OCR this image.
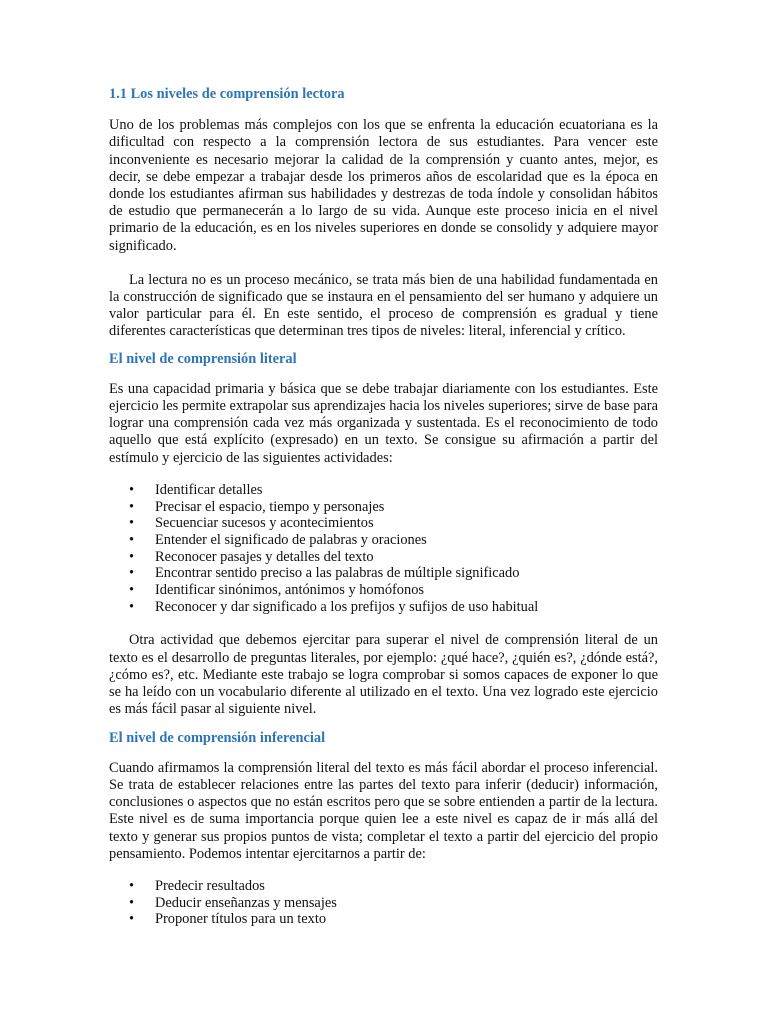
1.1 Los niveles de comprensión lectora

Uno de los problemas más complejos con los que se enfrenta la educación ecuatoriana es la dificultad con respecto a la comprensión lectora de sus estudiantes. Para vencer este inconveniente es necesario mejorar la calidad de la comprensión y cuanto antes, mejor, es decir, se debe empezar a trabajar desde los primeros años de escolaridad que es la época en donde los estudiantes afirman sus habilidades y destrezas de toda índole y consolidan hábitos de estudio que permanecerán a lo largo de su vida. Aunque este proceso inicia en el nivel primario de la educación, es en los niveles superiores en donde se consolidy y adquiere mayor significado.

La lectura no es un proceso mecánico, se trata más bien de una habilidad fundamentada en la construcción de significado que se instaura en el pensamiento del ser humano y adquiere un valor particular para él. En este sentido, el proceso de comprensión es gradual y tiene diferentes características que determinan tres tipos de niveles: literal, inferencial y crítico.

El nivel de comprensión literal

Es una capacidad primaria y básica que se debe trabajar diariamente con los estudiantes. Este ejercicio les permite extrapolar sus aprendizajes hacia los niveles superiores; sirve de base para lograr una comprensión cada vez más organizada y sustentada. Es el reconocimiento de todo aquello que está explícito (expresado) en un texto. Se consigue su afirmación a partir del estímulo y ejercicio de las siguientes actividades:

• Identificar detalles
• Precisar el espacio, tiempo y personajes
• Secuenciar sucesos y acontecimientos
• Entender el significado de palabras y oraciones
• Reconocer pasajes y detalles del texto
• Encontrar sentido preciso a las palabras de múltiple significado
• Identificar sinónimos, antónimos y homófonos
• Reconocer y dar significado a los prefijos y sufijos de uso habitual

Otra actividad que debemos ejercitar para superar el nivel de comprensión literal de un texto es el desarrollo de preguntas literales, por ejemplo: ¿qué hace?, ¿quién es?, ¿dónde está?, ¿cómo es?, etc. Mediante este trabajo se logra comprobar si somos capaces de exponer lo que se ha leído con un vocabulario diferente al utilizado en el texto. Una vez logrado este ejercicio es más fácil pasar al siguiente nivel.

El nivel de comprensión inferencial

Cuando afirmamos la comprensión literal del texto es más fácil abordar el proceso inferencial. Se trata de establecer relaciones entre las partes del texto para inferir (deducir) información, conclusiones o aspectos que no están escritos pero que se sobre entienden a partir de la lectura. Este nivel es de suma importancia porque quien lee a este nivel es capaz de ir más allá del texto y generar sus propios puntos de vista; completar el texto a partir del ejercicio del propio pensamiento. Podemos intentar ejercitarnos a partir de:

• Predecir resultados
• Deducir enseñanzas y mensajes
• Proponer títulos para un texto
